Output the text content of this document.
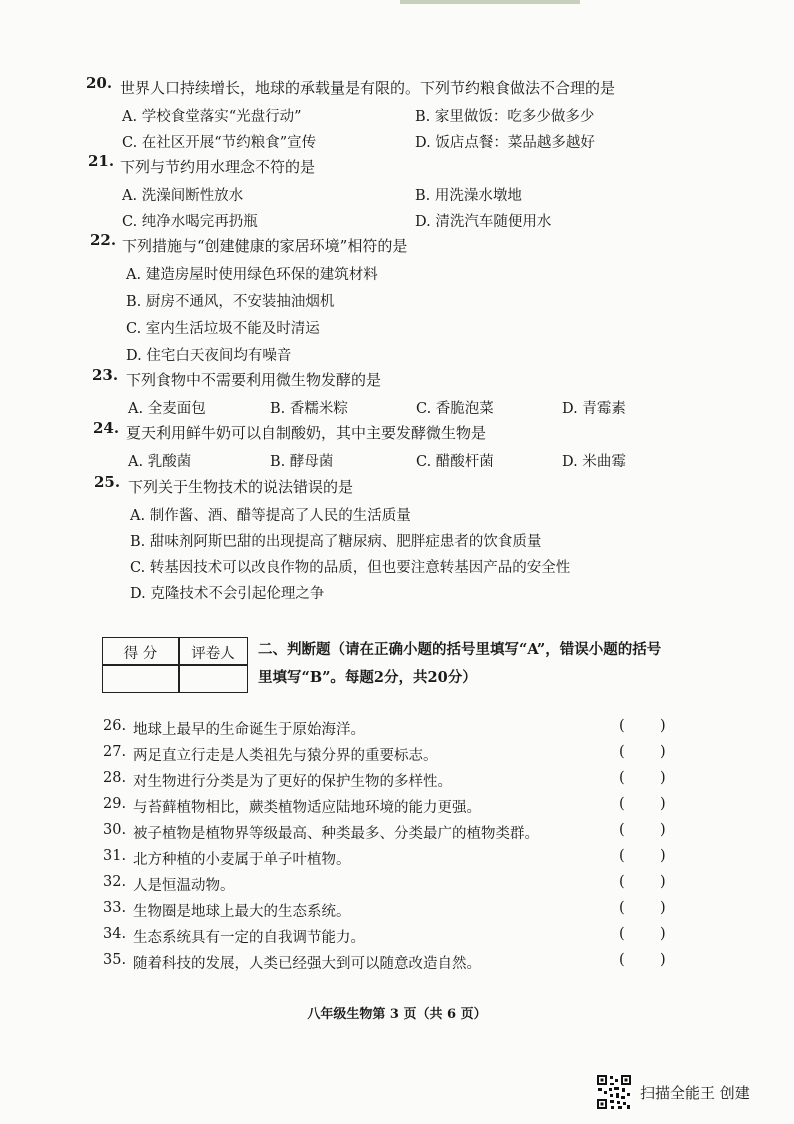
20. 世界人口持续增长，地球的承载量是有限的。下列节约粮食做法不合理的是
A. 学校食堂落实“光盘行动”	B. 家里做饭：吃多少做多少
C. 在社区开展“节约粮食”宣传	D. 饭店点餐：菜品越多越好
21. 下列与节约用水理念不符的是
A. 洗澡间断性放水	B. 用洗澡水墩地
C. 纯净水喝完再扔瓶	D. 清洗汽车随便用水
22. 下列措施与“创建健康的家居环境”相符的是
A. 建造房屋时使用绿色环保的建筑材料
B. 厨房不通风，不安装抽油烟机
C. 室内生活垃圾不能及时清运
D. 住宅白天夜间均有噪音
23. 下列食物中不需要利用微生物发酵的是
A. 全麦面包	B. 香糯米粽	C. 香脆泡菜	D. 青霉素
24. 夏天利用鲜牛奶可以自制酸奶，其中主要发酵微生物是
A. 乳酸菌	B. 酵母菌	C. 醋酸杆菌	D. 米曲霉
25. 下列关于生物技术的说法错误的是
A. 制作酱、酒、醋等提高了人民的生活质量
B. 甜味剂阿斯巴甜的出现提高了糖尿病、肥胖症患者的饮食质量
C. 转基因技术可以改良作物的品质，但也要注意转基因产品的安全性
D. 克隆技术不会引起伦理之争
得 分	评卷人	二、判断题（请在正确小题的括号里填写“A”，错误小题的括号
里填写“B”。每题2分，共20分）
26. 地球上最早的生命诞生于原始海洋。	( )
27. 两足直立行走是人类祖先与猿分界的重要标志。	( )
28. 对生物进行分类是为了更好的保护生物的多样性。	( )
29. 与苔藓植物相比，蕨类植物适应陆地环境的能力更强。	( )
30. 被子植物是植物界等级最高、种类最多、分类最广的植物类群。	( )
31. 北方种植的小麦属于单子叶植物。	( )
32. 人是恒温动物。	( )
33. 生物圈是地球上最大的生态系统。	( )
34. 生态系统具有一定的自我调节能力。	( )
35. 随着科技的发展，人类已经强大到可以随意改造自然。	( )
八年级生物第 3 页（共 6 页）
扫描全能王 创建
